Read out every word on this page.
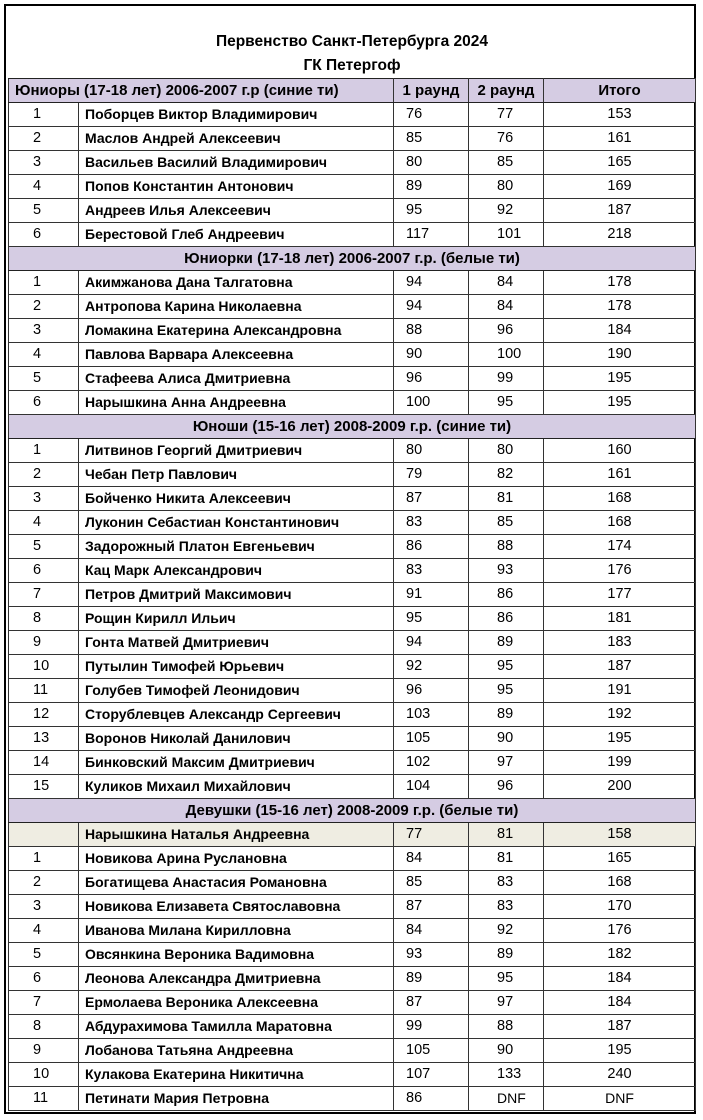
Первенство Санкт-Петербурга 2024				
ГК Петергоф				
Юниоры (17-18 лет) 2006-2007 г.р (синие ти)		1 раунд	2 раунд	Итого
1	Поборцев Виктор Владимирович	76	77	153
2	Маслов Андрей Алексеевич	85	76	161
3	Васильев Василий Владимирович	80	85	165
4	Попов Константин Антонович	89	80	169
5	Андреев Илья Алексеевич	95	92	187
6	Берестовой Глеб Андреевич	117	101	218
Юниорки (17-18 лет) 2006-2007 г.р. (белые ти)				
1	Акимжанова Дана Талгатовна	94	84	178
2	Антропова Карина Николаевна	94	84	178
3	Ломакина Екатерина Александровна	88	96	184
4	Павлова Варвара Алексеевна	90	100	190
5	Стафеева Алиса Дмитриевна	96	99	195
6	Нарышкина Анна Андреевна	100	95	195
Юноши (15-16 лет) 2008-2009 г.р. (синие ти)				
1	Литвинов Георгий Дмитриевич	80	80	160
2	Чебан Петр Павлович	79	82	161
3	Бойченко Никита Алексеевич	87	81	168
4	Луконин Себастиан Константинович	83	85	168
5	Задорожный Платон Евгеньевич	86	88	174
6	Кац Марк Александрович	83	93	176
7	Петров Дмитрий Максимович	91	86	177
8	Рощин Кирилл Ильич	95	86	181
9	Гонта Матвей Дмитриевич	94	89	183
10	Путылин Тимофей Юрьевич	92	95	187
11	Голубев Тимофей Леонидович	96	95	191
12	Сторублевцев Александр Сергеевич	103	89	192
13	Воронов Николай Данилович	105	90	195
14	Бинковский Максим Дмитриевич	102	97	199
15	Куликов Михаил Михайлович	104	96	200
Девушки (15-16 лет) 2008-2009 г.р. (белые ти)				
	Нарышкина Наталья Андреевна	77	81	158
1	Новикова Арина Руслановна	84	81	165
2	Богатищева Анастасия Романовна	85	83	168
3	Новикова Елизавета Святославовна	87	83	170
4	Иванова Милана Кирилловна	84	92	176
5	Овсянкина Вероника Вадимовна	93	89	182
6	Леонова Александра Дмитриевна	89	95	184
7	Ермолаева Вероника Алексеевна	87	97	184
8	Абдурахимова Тамилла Маратовна	99	88	187
9	Лобанова Татьяна Андреевна	105	90	195
10	Кулакова Екатерина Никитична	107	133	240
11	Петинати Мария Петровна	86	DNF	DNF
